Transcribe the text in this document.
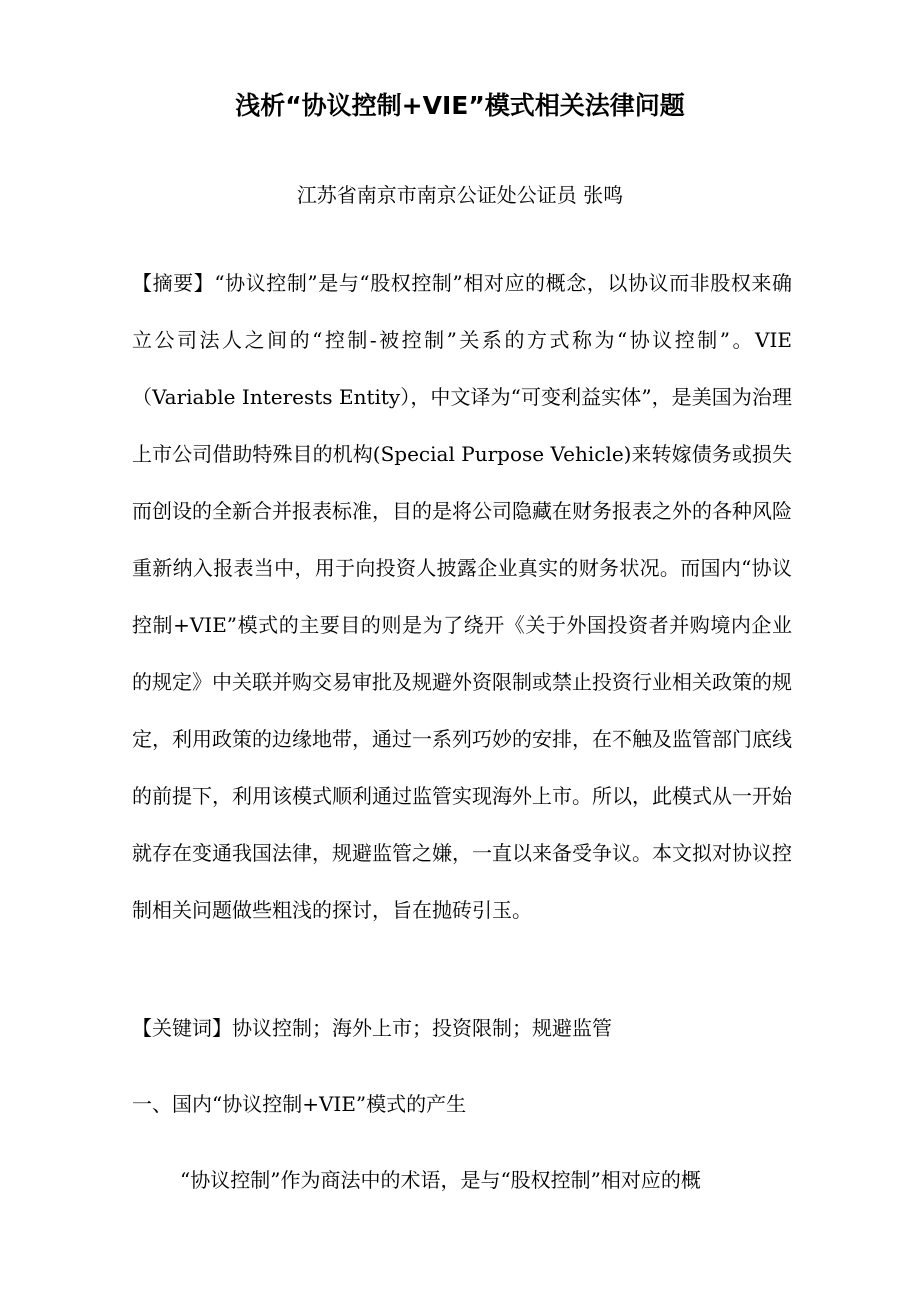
浅析“协议控制+VIE”模式相关法律问题
江苏省南京市南京公证处公证员 张鸣
【摘要】“协议控制”是与“股权控制”相对应的概念，以协议而非股权来确立公司法人之间的“控制-被控制”关系的方式称为“协议控制”。VIE（Variable Interests Entity），中文译为“可变利益实体”，是美国为治理上市公司借助特殊目的机构(Special Purpose Vehicle)来转嫁债务或损失而创设的全新合并报表标准，目的是将公司隐藏在财务报表之外的各种风险重新纳入报表当中，用于向投资人披露企业真实的财务状况。而国内“协议控制+VIE”模式的主要目的则是为了绕开《关于外国投资者并购境内企业的规定》中关联并购交易审批及规避外资限制或禁止投资行业相关政策的规定，利用政策的边缘地带，通过一系列巧妙的安排，在不触及监管部门底线的前提下，利用该模式顺利通过监管实现海外上市。所以，此模式从一开始就存在变通我国法律，规避监管之嫌，一直以来备受争议。本文拟对协议控制相关问题做些粗浅的探讨，旨在抛砖引玉。
【关键词】协议控制；海外上市；投资限制；规避监管
一、国内“协议控制+VIE”模式的产生
“协议控制”作为商法中的术语，是与“股权控制”相对应的概
